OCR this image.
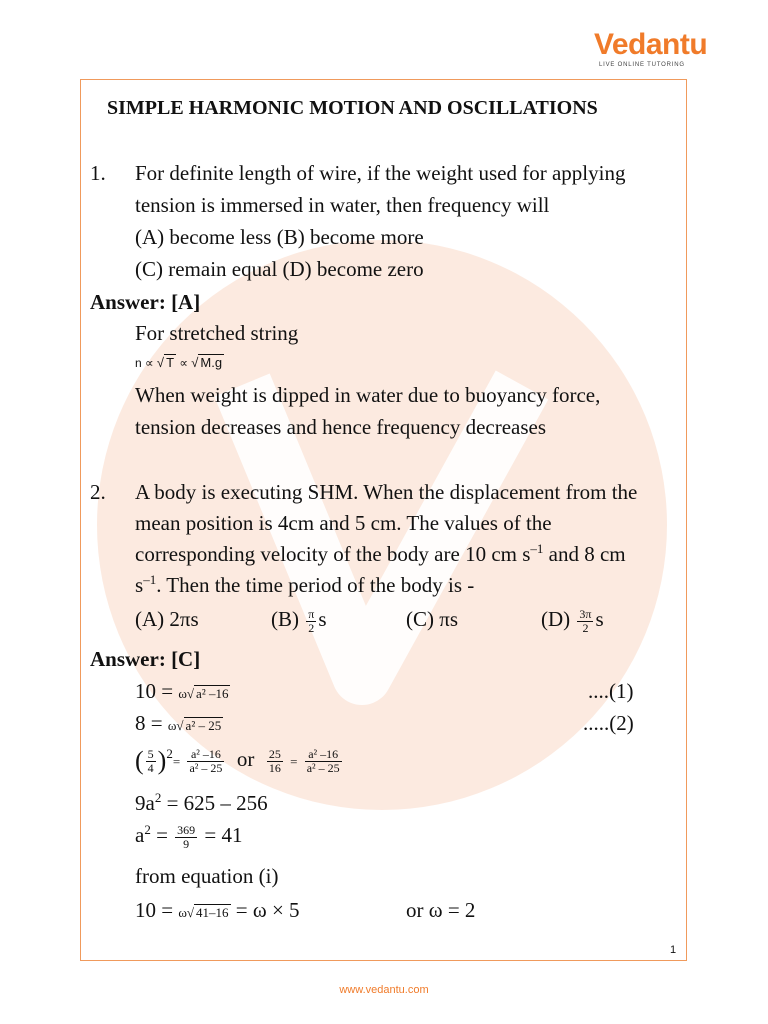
Vedantu
LIVE ONLINE TUTORING
SIMPLE HARMONIC MOTION AND OSCILLATIONS
1. For definite length of wire, if the weight used for applying
tension is immersed in water, then frequency will
(A) become less (B) become more
(C) remain equal (D) become zero
Answer: [A]
For stretched string
n ∝ √ T ∝ √ M.g
When weight is dipped in water due to buoyancy force,
tension decreases and hence frequency decreases
2. A body is executing SHM. When the displacement from the
mean position is 4cm and 5 cm. The values of the
corresponding velocity of the body are 10 cm $s^{-1}$ and 8 cm
$s^{-1}$. Then the time period of the body is -
(A) 2πs	$(B) \frac{\pi}{2}$ s	(C) πs	$(D) \frac{3\pi}{2}$ s
Answer: [C]
10 = ω√ a² –16	....(1)
8 = ω√ a² – 25	.....(2)
( $\frac{5}{4} )^2= \frac{\text{a² –16}}{\text{a² – 25}}$ or $\frac{25}{16} = \frac{\text{a² –16}}{\text{a² – 25}}$
$9a^2 = 625 - 256$
$a^2 = \frac{369}{9} = 41$
from equation (i)
10 = ω√ 41–16 = ω × 5	or ω = 2
1
www.vedantu.com
